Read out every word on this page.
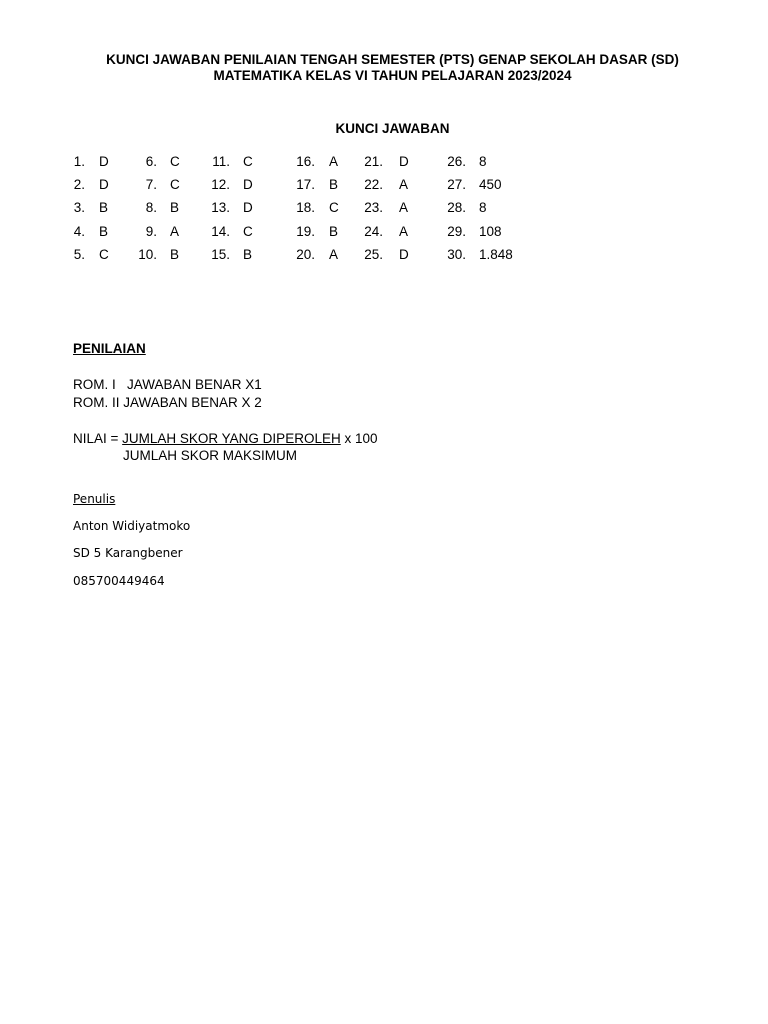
KUNCI JAWABAN PENILAIAN TENGAH SEMESTER (PTS) GENAP SEKOLAH DASAR (SD)
MATEMATIKA KELAS VI TAHUN PELAJARAN 2023/2024
KUNCI JAWABAN
1. D	6. C 11. C	16. A 21. D	26. 8
2. D	7. C 12. D	17. B 22. A	27. 450
3. B	8. B 13. D	18. C 23. A	28. 8
4. B	9. A 14. C	19. B 24. A	29. 108
5. C 10. B 15. B	20. A 25. D	30. 1.848
PENILAIAN
ROM. I   JAWABAN BENAR X1
ROM. II JAWABAN BENAR X 2
NILAI = JUMLAH SKOR YANG DIPEROLEH x 100
JUMLAH SKOR MAKSIMUM
Penulis
Anton Widiyatmoko
SD 5 Karangbener
085700449464
